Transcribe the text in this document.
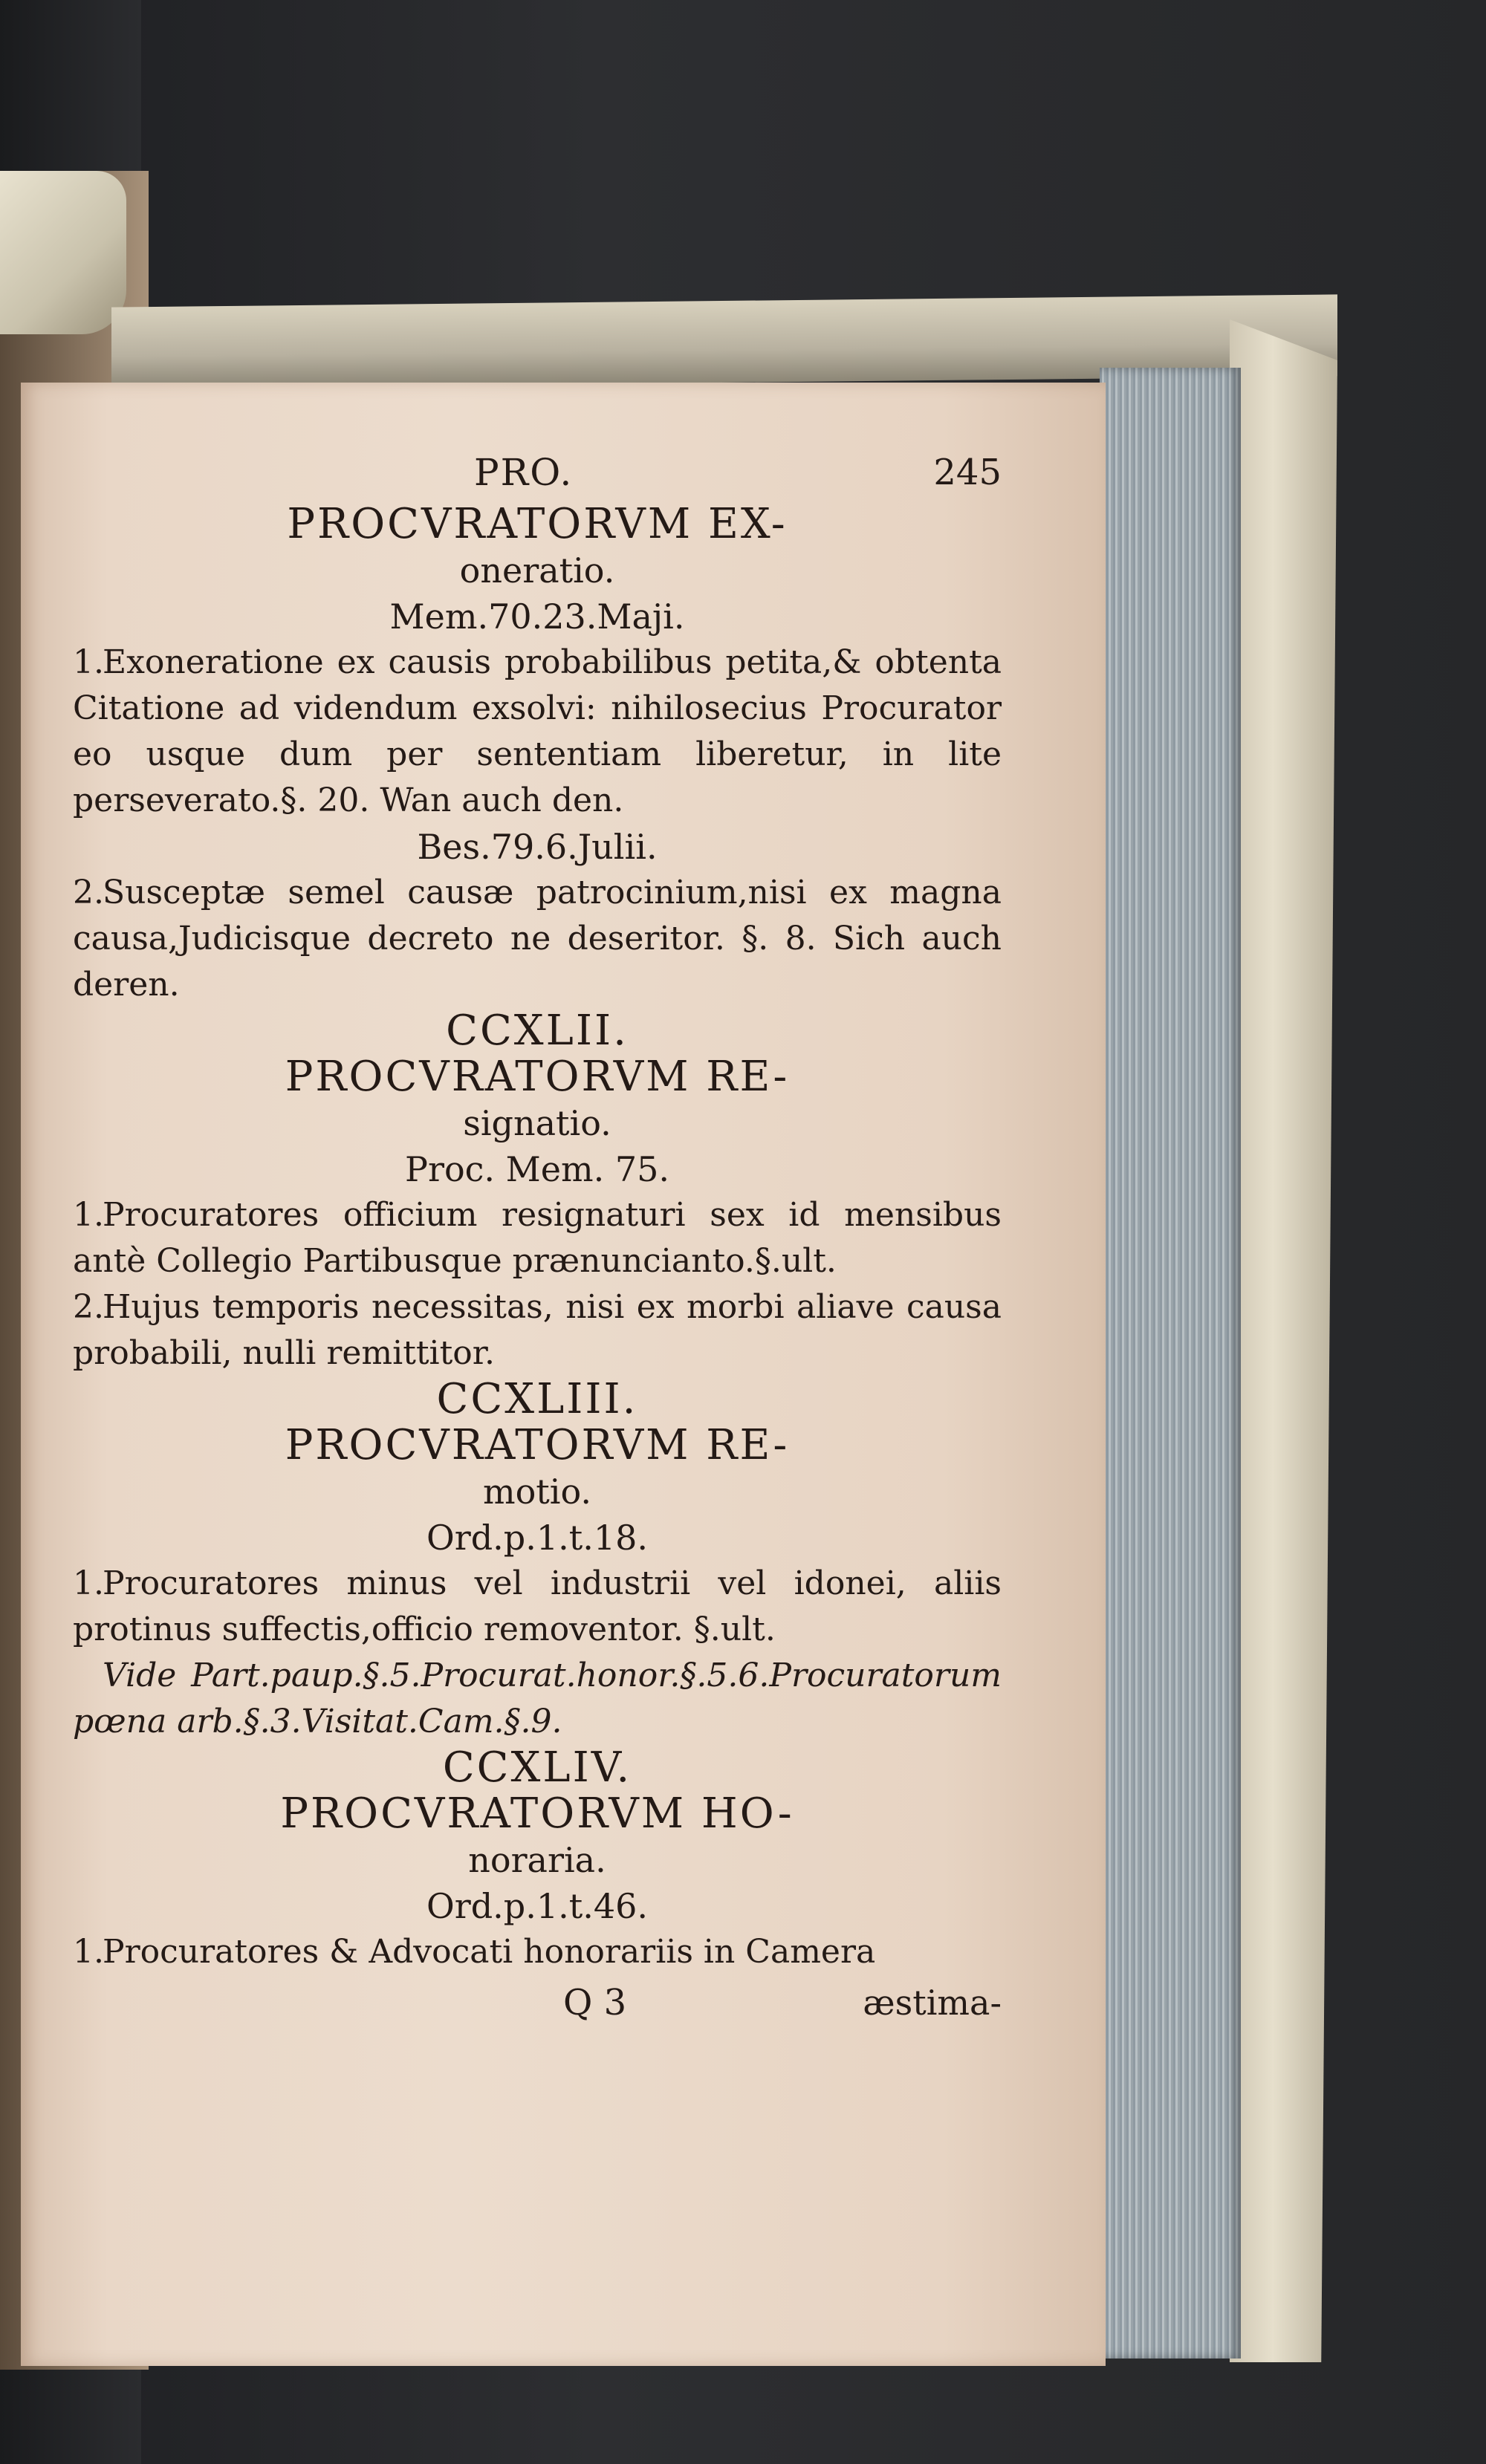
PRO.	245
PROCVRATORVM EX-
oneratio.
Mem.70.23.Maji.
1.Exoneratione ex causis probabilibus petita,& obtenta Citatione ad videndum exsolvi: nihilosecius Procurator eo usque dum per sententiam liberetur, in lite perseverato.§. 20. Wan auch den.
Bes.79.6.Julii.
2.Susceptæ semel causæ patrocinium,nisi ex magna causa,Judicisque decreto ne deseritor. §. 8. Sich auch deren.
CCXLII.
PROCVRATORVM RE-
signatio.
Proc. Mem. 75.
1.Procuratores officium resignaturi sex id mensibus antè Collegio Partibusque prænuncianto.§.ult.
2.Hujus temporis necessitas, nisi ex morbi aliave causa probabili, nulli remittitor.
CCXLIII.
PROCVRATORVM RE-
motio.
Ord.p.1.t.18.
1.Procuratores minus vel industrii vel idonei, aliis protinus suffectis,officio removentor. §.ult.
Vide Part.paup.§.5.Procurat.honor.§.5.6.Procuratorum pœna arb.§.3.Visitat.Cam.§.9.
CCXLIV.
PROCVRATORVM HO-
noraria.
Ord.p.1.t.46.
1.Procuratores & Advocati honorariis in Camera
Q 3	æstima-
